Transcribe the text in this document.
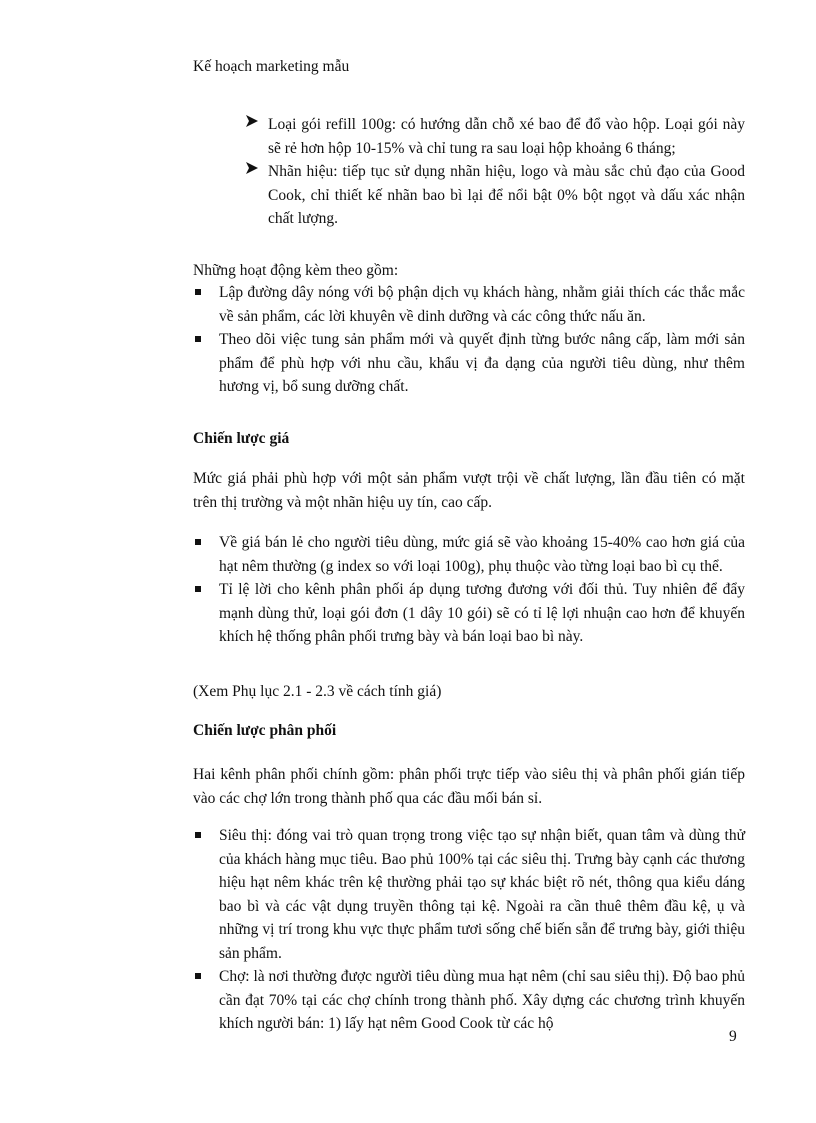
Kế hoạch marketing mẫu
Loại gói refill 100g: có hướng dẫn chỗ xé bao để đổ vào hộp. Loại gói này sẽ rẻ hơn hộp 10-15% và chỉ tung ra sau loại hộp khoảng 6 tháng;
Nhãn hiệu: tiếp tục sử dụng nhãn hiệu, logo và màu sắc chủ đạo của Good Cook, chỉ thiết kế nhãn bao bì lại để nổi bật 0% bột ngọt và dấu xác nhận chất lượng.
Những hoạt động kèm theo gồm:
Lập đường dây nóng với bộ phận dịch vụ khách hàng, nhằm giải thích các thắc mắc về sản phẩm, các lời khuyên về dinh dưỡng và các công thức nấu ăn.
Theo dõi việc tung sản phẩm mới và quyết định từng bước nâng cấp, làm mới sản phẩm để phù hợp với nhu cầu, khẩu vị đa dạng của người tiêu dùng, như thêm hương vị, bổ sung dưỡng chất.
Chiến lược giá
Mức giá phải phù hợp với một sản phẩm vượt trội về chất lượng, lần đầu tiên có mặt trên thị trường và một nhãn hiệu uy tín, cao cấp.
Về giá bán lẻ cho người tiêu dùng, mức giá sẽ vào khoảng 15-40% cao hơn giá của hạt nêm thường (g index so với loại 100g), phụ thuộc vào từng loại bao bì cụ thể.
Tỉ lệ lời cho kênh phân phối áp dụng tương đương với đối thủ. Tuy nhiên để đẩy mạnh dùng thử, loại gói đơn (1 dây 10 gói) sẽ có tỉ lệ lợi nhuận cao hơn để khuyến khích hệ thống phân phối trưng bày và bán loại bao bì này.
(Xem Phụ lục 2.1 - 2.3 về cách tính giá)
Chiến lược phân phối
Hai kênh phân phối chính gồm: phân phối trực tiếp vào siêu thị và phân phối gián tiếp vào các chợ lớn trong thành phố qua các đầu mối bán sỉ.
Siêu thị: đóng vai trò quan trọng trong việc tạo sự nhận biết, quan tâm và dùng thử của khách hàng mục tiêu. Bao phủ 100% tại các siêu thị. Trưng bày cạnh các thương hiệu hạt nêm khác trên kệ thường phải tạo sự khác biệt rõ nét, thông qua kiểu dáng bao bì và các vật dụng truyền thông tại kệ. Ngoài ra cần thuê thêm đầu kệ, ụ và những vị trí trong khu vực thực phẩm tươi sống chế biến sẵn để trưng bày, giới thiệu sản phẩm.
Chợ: là nơi thường được người tiêu dùng mua hạt nêm (chỉ sau siêu thị). Độ bao phủ cần đạt 70% tại các chợ chính trong thành phố. Xây dựng các chương trình khuyến khích người bán: 1) lấy hạt nêm Good Cook từ các hộ
9
